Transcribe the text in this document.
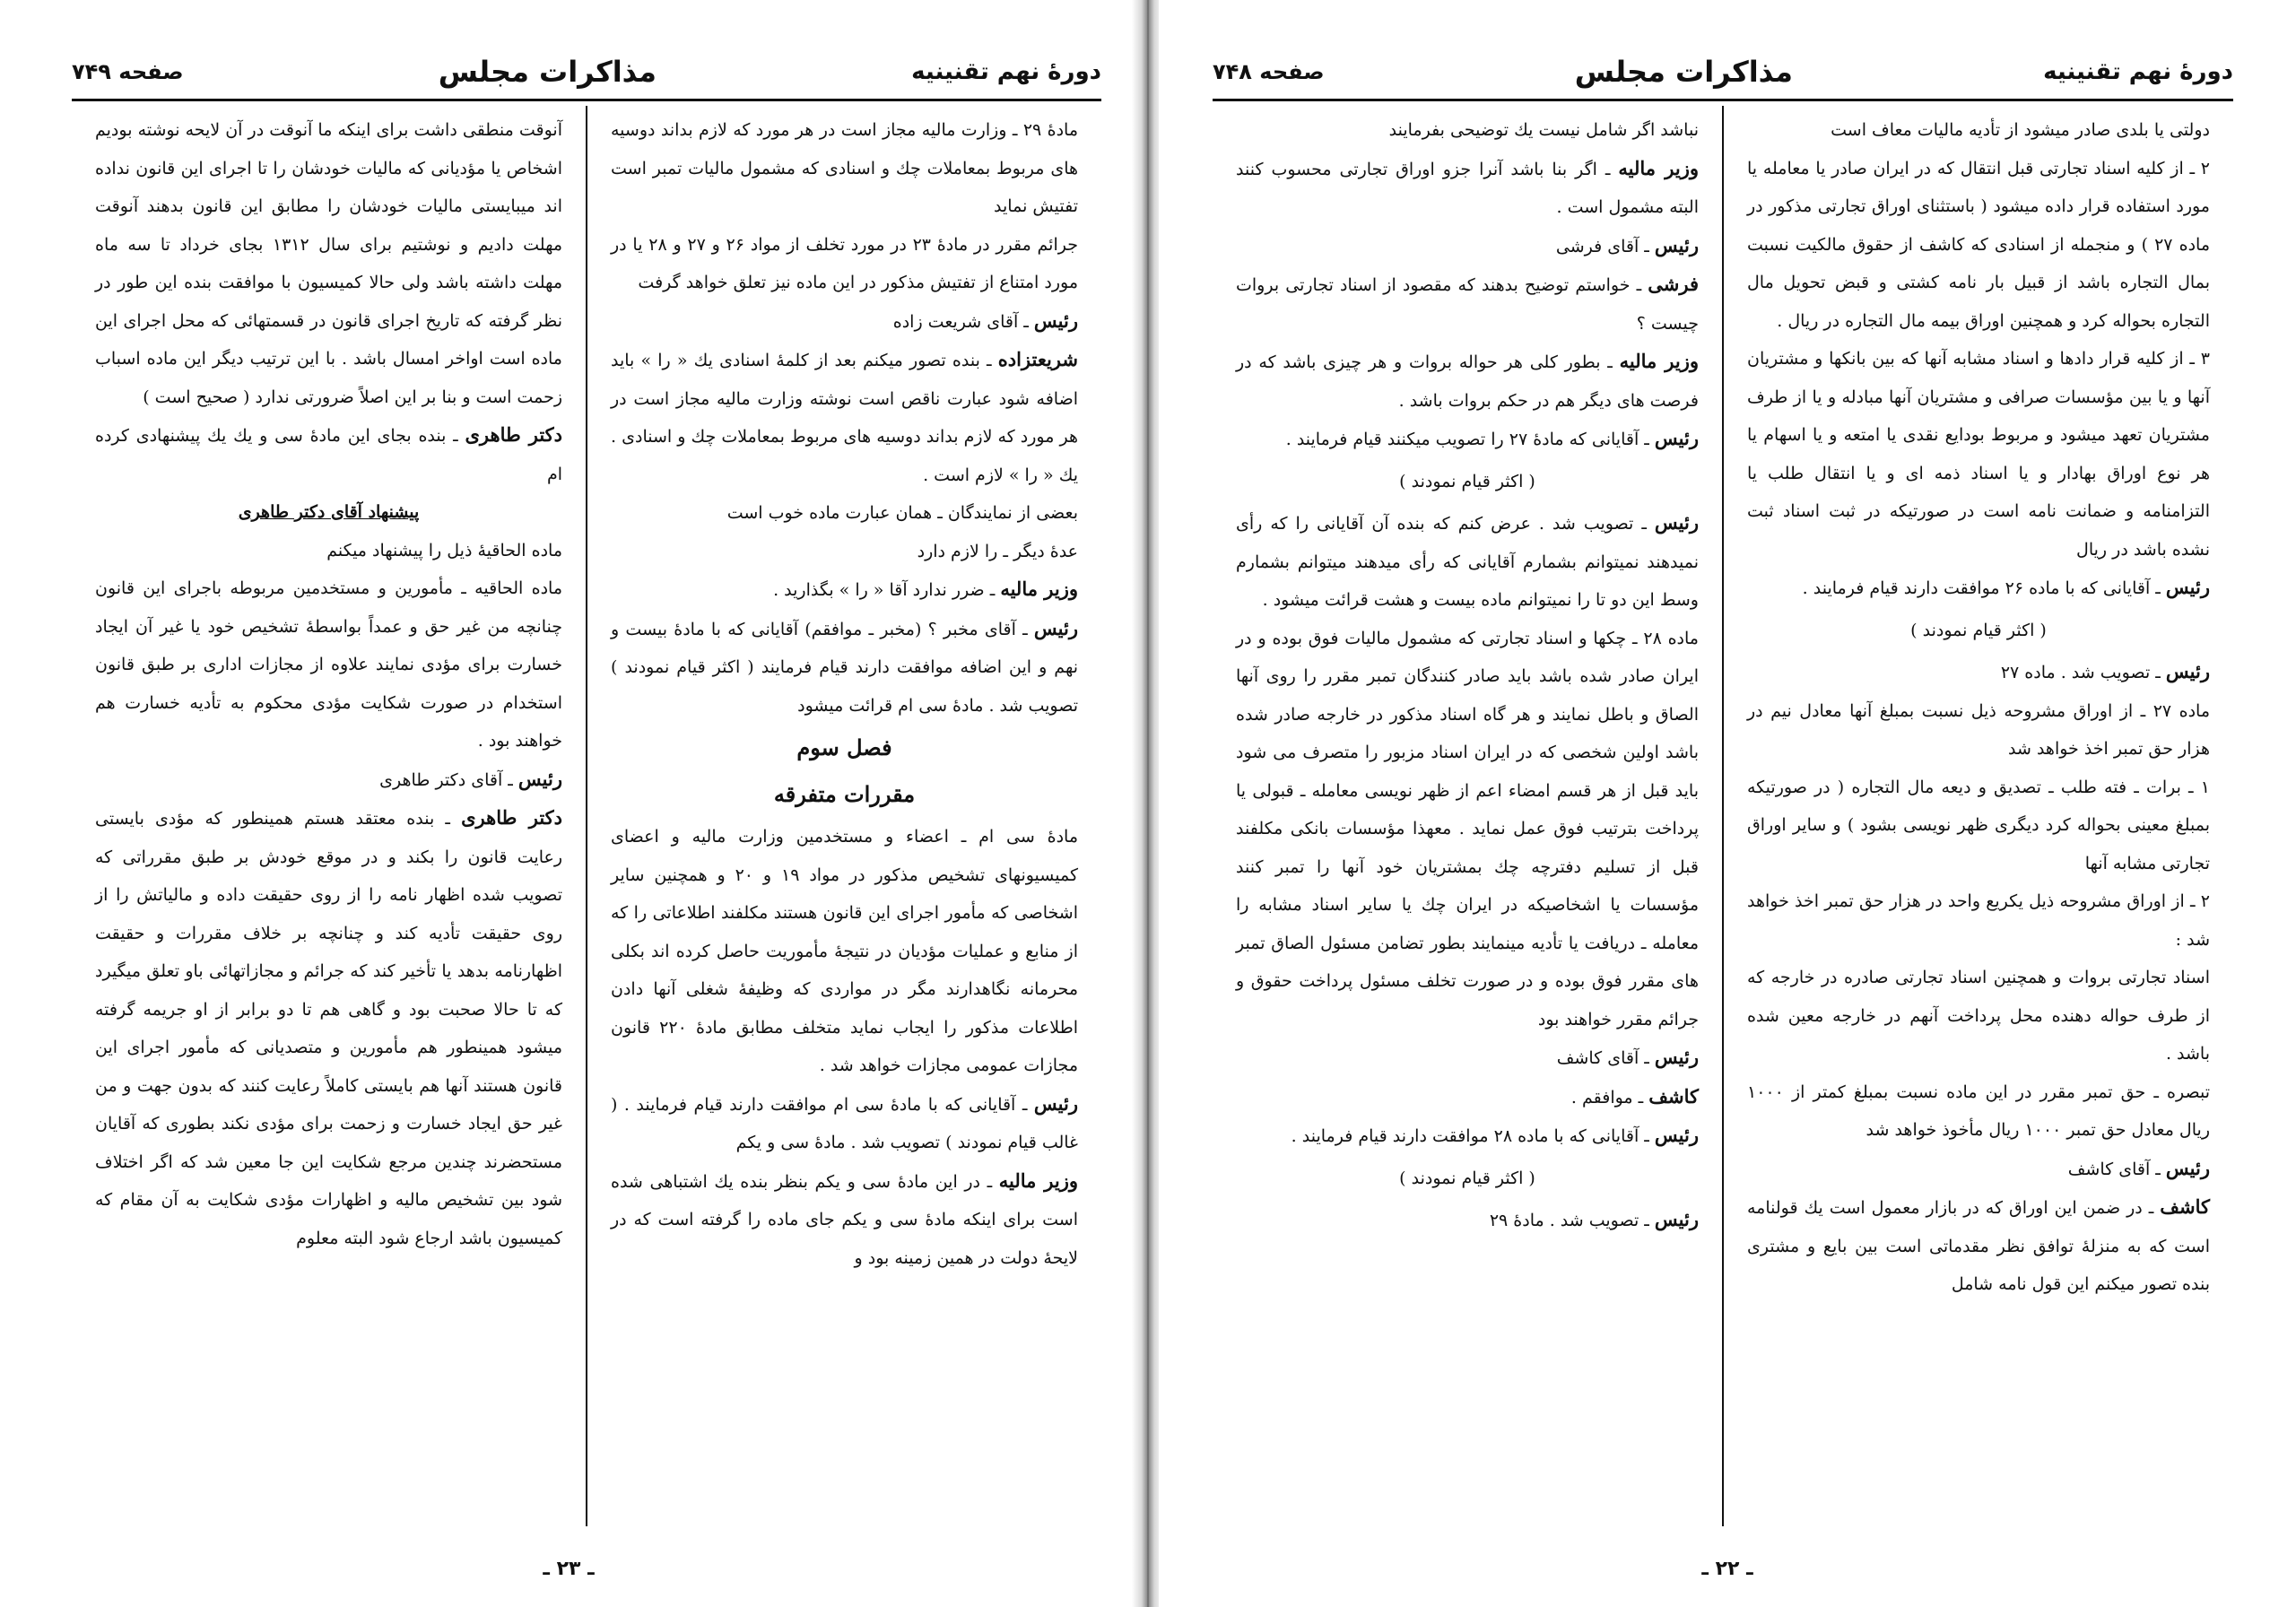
دورهٔ نهم تقنینیه
مذاکرات مجلس
صفحه ۷۴۹

مادهٔ ۲۹ ـ وزارت مالیه مجاز است در هر مورد که لازم بداند دوسیه های مربوط بمعاملات چك و اسنادی که مشمول مالیات تمبر است تفتیش نماید

جرائم مقرر در مادهٔ ۲۳ در مورد تخلف از مواد ۲۶ و ۲۷ و ۲۸ یا در مورد امتناع از تفتیش مذکور در این ماده نیز تعلق خواهد گرفت

رئیس ـ آقای شریعت زاده

شریعتزاده ـ بنده تصور میکنم بعد از کلمهٔ اسنادی یك « را » باید اضافه شود عبارت ناقص است نوشته وزارت مالیه مجاز است در هر مورد که لازم بداند دوسیه های مربوط بمعاملات چك و اسنادی . یك « را » لازم است .

بعضی از نمایندگان ـ همان عبارت ماده خوب است

عدهٔ دیگر ـ را لازم دارد

وزیر مالیه ـ ضرر ندارد آقا « را » بگذارید .

رئیس ـ آقای مخبر ؟ (مخبر ـ موافقم) آقایانی که با مادهٔ بیست و نهم و این اضافه موافقت دارند قیام فرمایند ( اکثر قیام نمودند ) تصویب شد . مادهٔ سی ام قرائت میشود

فصل سوم

مقررات متفرقه

مادهٔ سی ام ـ اعضاء و مستخدمین وزارت مالیه و اعضای کمیسیونهای تشخیص مذکور در مواد ۱۹ و ۲۰ و همچنین سایر اشخاصی که مأمور اجرای این قانون هستند مکلفند اطلاعاتی را که از منابع و عملیات مؤدیان در نتیجهٔ مأموریت حاصل کرده اند بکلی محرمانه نگاهدارند مگر در مواردی که وظیفهٔ شغلی آنها دادن اطلاعات مذکور را ایجاب نماید متخلف مطابق مادهٔ ۲۲۰ قانون مجازات عمومی مجازات خواهد شد .

رئیس ـ آقایانی که با مادهٔ سی ام موافقت دارند قیام فرمایند . ( غالب قیام نمودند ) تصویب شد . مادهٔ سی و یکم

وزیر مالیه ـ در این مادهٔ سی و یکم بنظر بنده یك اشتباهی شده است برای اینکه مادهٔ سی و یکم جای ماده را گرفته است که در لایحهٔ دولت در همین زمینه بود و

آنوقت منطقی داشت برای اینکه ما آنوقت در آن لایحه نوشته بودیم اشخاص یا مؤدیانی که مالیات خودشان را تا اجرای این قانون نداده اند میبایستی مالیات خودشان را مطابق این قانون بدهند آنوقت مهلت دادیم و نوشتیم برای سال ۱۳۱۲ بجای خرداد تا سه ماه مهلت داشته باشد ولی حالا کمیسیون با موافقت بنده این طور در نظر گرفته که تاریخ اجرای قانون در قسمتهائی که محل اجرای این ماده است اواخر امسال باشد . با این ترتیب دیگر این ماده اسباب زحمت است و بنا بر این اصلاً ضرورتی ندارد ( صحیح است )

دکتر طاهری ـ بنده بجای این مادهٔ سی و یك یك پیشنهادی کرده ام

پیشنهاد آقای دکتر طاهری

ماده الحاقیهٔ ذیل را پیشنهاد میکنم

ماده الحاقیه ـ مأمورین و مستخدمین مربوطه باجرای این قانون چنانچه من غیر حق و عمداً بواسطهٔ تشخیص خود یا غیر آن ایجاد خسارت برای مؤدی نمایند علاوه از مجازات اداری بر طبق قانون استخدام در صورت شکایت مؤدی محکوم به تأدیه خسارت هم خواهند بود .

رئیس ـ آقای دکتر طاهری

دکتر طاهری ـ بنده معتقد هستم همینطور که مؤدی بایستی رعایت قانون را بکند و در موقع خودش بر طبق مقرراتی که تصویب شده اظهار نامه را از روی حقیقت داده و مالیاتش را از روی حقیقت تأدیه کند و چنانچه بر خلاف مقررات و حقیقت اظهارنامه بدهد یا تأخیر کند که جرائم و مجازاتهائی باو تعلق میگیرد که تا حالا صحبت بود و گاهی هم تا دو برابر از او جریمه گرفته میشود همینطور هم مأمورین و متصدیانی که مأمور اجرای این قانون هستند آنها هم بایستی کاملاً رعایت کنند که بدون جهت و من غیر حق ایجاد خسارت و زحمت برای مؤدی نکند بطوری که آقایان مستحضرند چندین مرجع شکایت این جا معین شد که اگر اختلاف شود بین تشخیص مالیه و اظهارات مؤدی شکایت به آن مقام که کمیسیون باشد ارجاع شود البته معلوم

ـ ۲۳ ـ
دورهٔ نهم تقنینیه
مذاکرات مجلس
صفحه ۷۴۸

دولتی یا بلدی صادر میشود از تأدیه مالیات معاف است

۲ ـ از کلیه اسناد تجارتی قبل انتقال که در ایران صادر یا معامله یا مورد استفاده قرار داده میشود ( باستثنای اوراق تجارتی مذکور در ماده ۲۷ ) و منجمله از اسنادی که کاشف از حقوق مالکیت نسبت بمال التجاره باشد از قبیل بار نامه کشتی و قبض تحویل مال التجاره بحواله کرد و همچنین اوراق بیمه مال التجاره در ریال .

۳ ـ از کلیه قرار دادها و اسناد مشابه آنها که بین بانکها و مشتریان آنها و یا بین مؤسسات صرافی و مشتریان آنها مبادله و یا از طرف مشتریان تعهد میشود و مربوط بودایع نقدی یا امتعه و یا اسهام یا هر نوع اوراق بهادار و یا اسناد ذمه ای و یا انتقال طلب یا التزامنامه و ضمانت نامه است در صورتیکه در ثبت اسناد ثبت نشده باشد در ریال

رئیس ـ آقایانی که با ماده ۲۶ موافقت دارند قیام فرمایند .

( اکثر قیام نمودند )

رئیس ـ تصویب شد . ماده ۲۷

ماده ۲۷ ـ از اوراق مشروحه ذیل نسبت بمبلغ آنها معادل نیم در هزار حق تمبر اخذ خواهد شد

۱ ـ برات ـ فته طلب ـ تصدیق و دیعه مال التجاره ( در صورتیکه بمبلغ معینی بحواله کرد دیگری ظهر نویسی بشود ) و سایر اوراق تجارتی مشابه آنها

۲ ـ از اوراق مشروحه ذیل یکریع واحد در هزار حق تمبر اخذ خواهد شد :

اسناد تجارتی بروات و همچنین اسناد تجارتی صادره در خارجه که از طرف حواله دهنده محل پرداخت آنهم در خارجه معین شده باشد .

تبصره ـ حق تمبر مقرر در این ماده نسبت بمبلغ کمتر از ۱۰۰۰ ریال معادل حق تمبر ۱۰۰۰ ریال مأخوذ خواهد شد

رئیس ـ آقای کاشف

کاشف ـ در ضمن این اوراق که در بازار معمول است یك قولنامه است که به منزلهٔ توافق نظر مقدماتی است بین بایع و مشتری بنده تصور میکنم این قول نامه شامل

نباشد اگر شامل نیست یك توضیحی بفرمایند

وزیر مالیه ـ اگر بنا باشد آنرا جزو اوراق تجارتی محسوب کنند البته مشمول است .

رئیس ـ آقای فرشی

فرشی ـ خواستم توضیح بدهند که مقصود از اسناد تجارتی بروات چیست ؟

وزیر مالیه ـ بطور کلی هر حواله بروات و هر چیزی باشد که در فرصت های دیگر هم در حکم بروات باشد .

رئیس ـ آقایانی که مادهٔ ۲۷ را تصویب میکنند قیام فرمایند .

( اکثر قیام نمودند )

رئیس ـ تصویب شد . عرض کنم که بنده آن آقایانی را که رأی نمیدهند نمیتوانم بشمارم آقایانی که رأی میدهند میتوانم بشمارم وسط این دو تا را نمیتوانم ماده بیست و هشت قرائت میشود .

ماده ۲۸ ـ چکها و اسناد تجارتی که مشمول مالیات فوق بوده و در ایران صادر شده باشد باید صادر کنندگان تمبر مقرر را روی آنها الصاق و باطل نمایند و هر گاه اسناد مذکور در خارجه صادر شده باشد اولین شخصی که در ایران اسناد مزبور را متصرف می شود باید قبل از هر قسم امضاء اعم از ظهر نویسی معامله ـ قبولی یا پرداخت بترتیب فوق عمل نماید . معهذا مؤسسات بانکی مکلفند قبل از تسلیم دفترچه چك بمشتریان خود آنها را تمبر کنند مؤسسات یا اشخاصیکه در ایران چك یا سایر اسناد مشابه را معامله ـ دریافت یا تأدیه مینمایند بطور تضامن مسئول الصاق تمبر های مقرر فوق بوده و در صورت تخلف مسئول پرداخت حقوق و جرائم مقرر خواهند بود

رئیس ـ آقای کاشف

کاشف ـ موافقم .

رئیس ـ آقایانی که با ماده ۲۸ موافقت دارند قیام فرمایند .

( اکثر قیام نمودند )

رئیس ـ تصویب شد . مادهٔ ۲۹

ـ ۲۲ ـ
